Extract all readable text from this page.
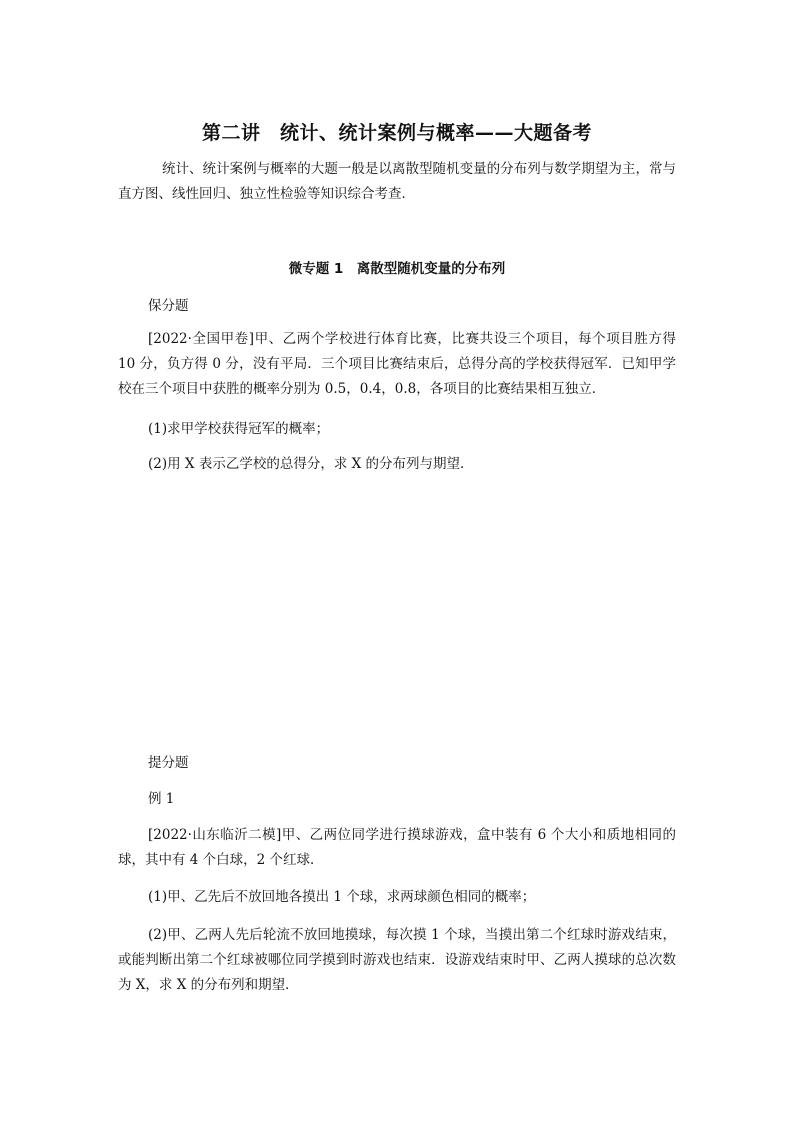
第二讲　统计、统计案例与概率——大题备考
统计、统计案例与概率的大题一般是以离散型随机变量的分布列与数学期望为主，常与直方图、线性回归、独立性检验等知识综合考查．
微专题 1　离散型随机变量的分布列
保分题
[2022·全国甲卷]甲、乙两个学校进行体育比赛，比赛共设三个项目，每个项目胜方得 10 分，负方得 0 分，没有平局．三个项目比赛结束后，总得分高的学校获得冠军．已知甲学校在三个项目中获胜的概率分别为 0.5，0.4，0.8，各项目的比赛结果相互独立．
(1)求甲学校获得冠军的概率；
(2)用 X 表示乙学校的总得分，求 X 的分布列与期望．
提分题
例 1
[2022·山东临沂二模]甲、乙两位同学进行摸球游戏，盒中装有 6 个大小和质地相同的球，其中有 4 个白球，2 个红球．
(1)甲、乙先后不放回地各摸出 1 个球，求两球颜色相同的概率；
(2)甲、乙两人先后轮流不放回地摸球，每次摸 1 个球，当摸出第二个红球时游戏结束，或能判断出第二个红球被哪位同学摸到时游戏也结束．设游戏结束时甲、乙两人摸球的总次数为 X，求 X 的分布列和期望．
